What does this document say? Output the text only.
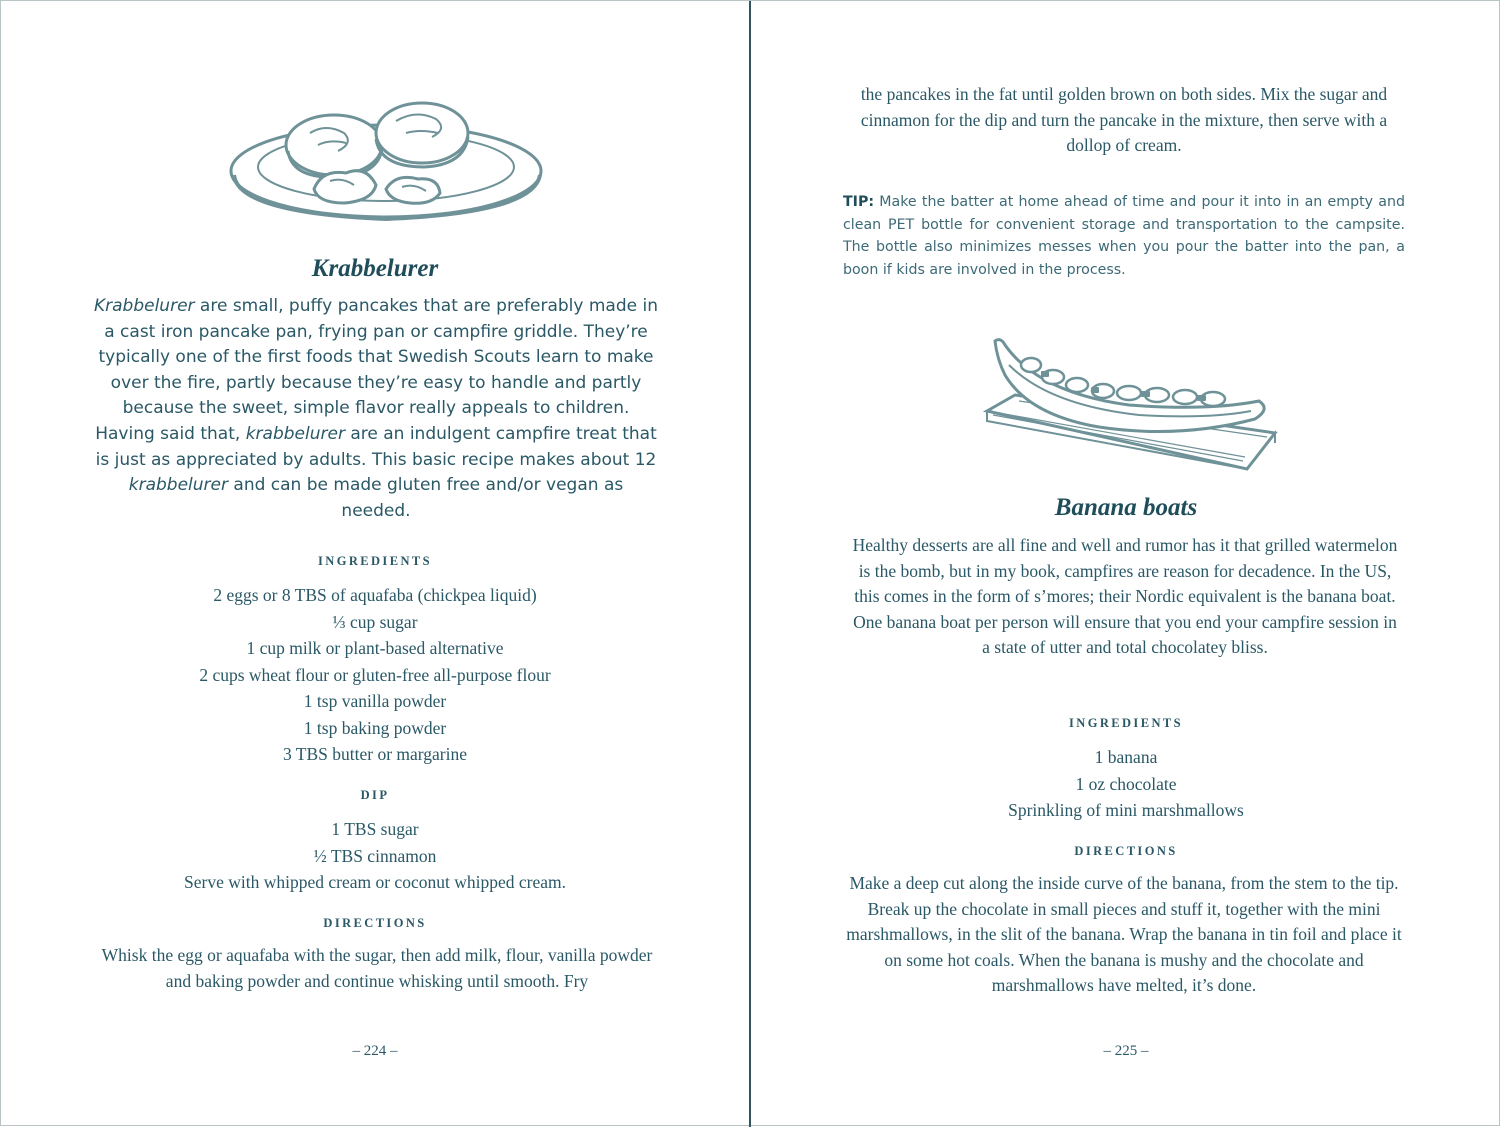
Krabbelurer

Krabbelurer are small, puffy pancakes that are preferably made in a cast iron pancake pan, frying pan or campfire griddle. They’re typically one of the first foods that Swedish Scouts learn to make over the fire, partly because they’re easy to handle and partly because the sweet, simple flavor really appeals to children. Having said that, krabbelurer are an indulgent campfire treat that is just as appreciated by adults. This basic recipe makes about 12 krabbelurer and can be made gluten free and/or vegan as needed.

INGREDIENTS
2 eggs or 8 TBS of aquafaba (chickpea liquid)
⅓ cup sugar
1 cup milk or plant-based alternative
2 cups wheat flour or gluten-free all-purpose flour
1 tsp vanilla powder
1 tsp baking powder
3 TBS butter or margarine
DIP
1 TBS sugar
½ TBS cinnamon
Serve with whipped cream or coconut whipped cream.
DIRECTIONS

Whisk the egg or aquafaba with the sugar, then add milk, flour, vanilla powder and baking powder and continue whisking until smooth. Fry

– 224 –

the pancakes in the fat until golden brown on both sides. Mix the sugar and cinnamon for the dip and turn the pancake in the mixture, then serve with a dollop of cream.

TIP: Make the batter at home ahead of time and pour it into in an empty and clean PET bottle for convenient storage and transportation to the campsite. The bottle also minimizes messes when you pour the batter into the pan, a boon if kids are involved in the process.

Banana boats

Healthy desserts are all fine and well and rumor has it that grilled watermelon is the bomb, but in my book, campfires are reason for decadence. In the US, this comes in the form of s’mores; their Nordic equivalent is the banana boat. One banana boat per person will ensure that you end your campfire session in a state of utter and total chocolatey bliss.

INGREDIENTS
1 banana
1 oz chocolate
Sprinkling of mini marshmallows
DIRECTIONS

Make a deep cut along the inside curve of the banana, from the stem to the tip. Break up the chocolate in small pieces and stuff it, together with the mini marshmallows, in the slit of the banana. Wrap the banana in tin foil and place it on some hot coals. When the banana is mushy and the chocolate and marshmallows have melted, it’s done.

– 225 –
